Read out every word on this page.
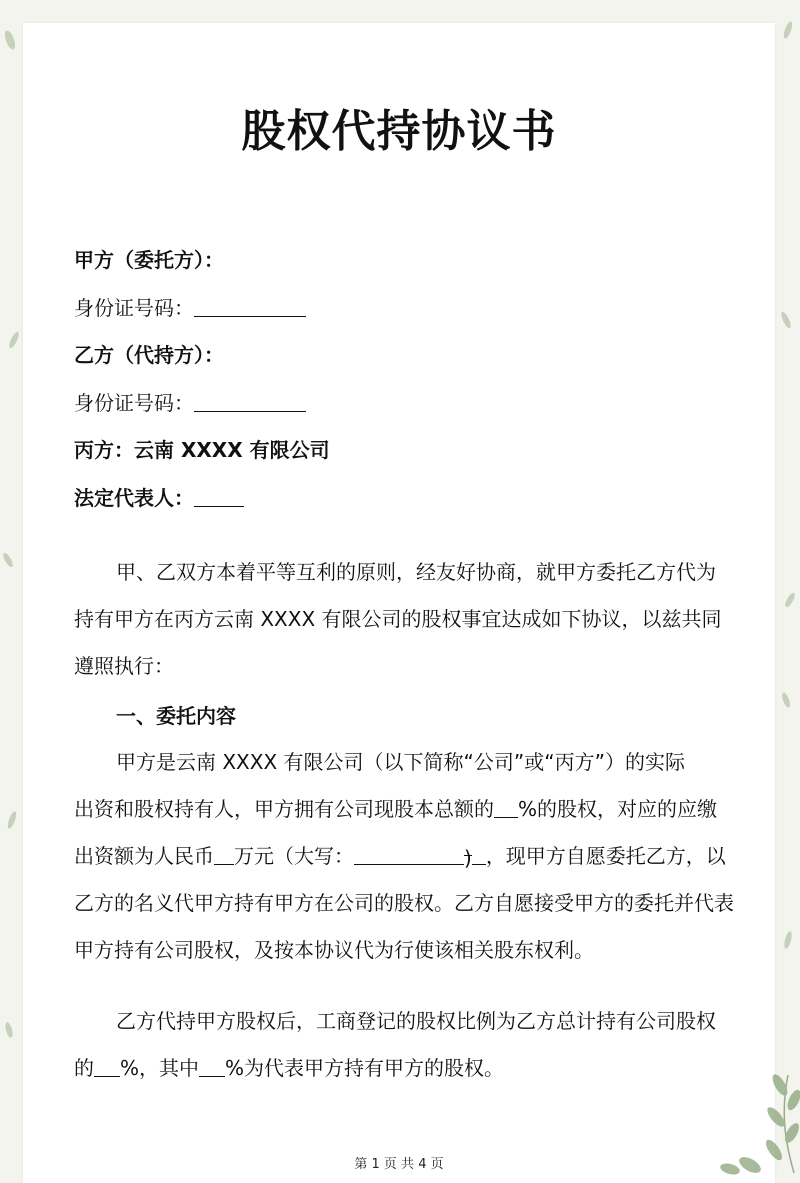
股权代持协议书
甲方（委托方）：
身份证号码：
乙方（代持方）：
身份证号码：
丙方：云南 XXXX 有限公司
法定代表人：
甲、乙双方本着平等互利的原则，经友好协商，就甲方委托乙方代为
持有甲方在丙方云南 XXXX 有限公司的股权事宜达成如下协议，以兹共同
遵照执行：
一、委托内容
甲方是云南 XXXX 有限公司（以下简称“公司”或“丙方”）的实际
出资和股权持有人，甲方拥有公司现股本总额的 %的股权，对应的应缴
出资额为人民币 万元（大写：	) ，现甲方自愿委托乙方，以
乙方的名义代甲方持有甲方在公司的股权。乙方自愿接受甲方的委托并代表
甲方持有公司股权，及按本协议代为行使该相关股东权利。
乙方代持甲方股权后，工商登记的股权比例为乙方总计持有公司股权
的 %，其中 %为代表甲方持有甲方的股权。
第 1 页 共 4 页
